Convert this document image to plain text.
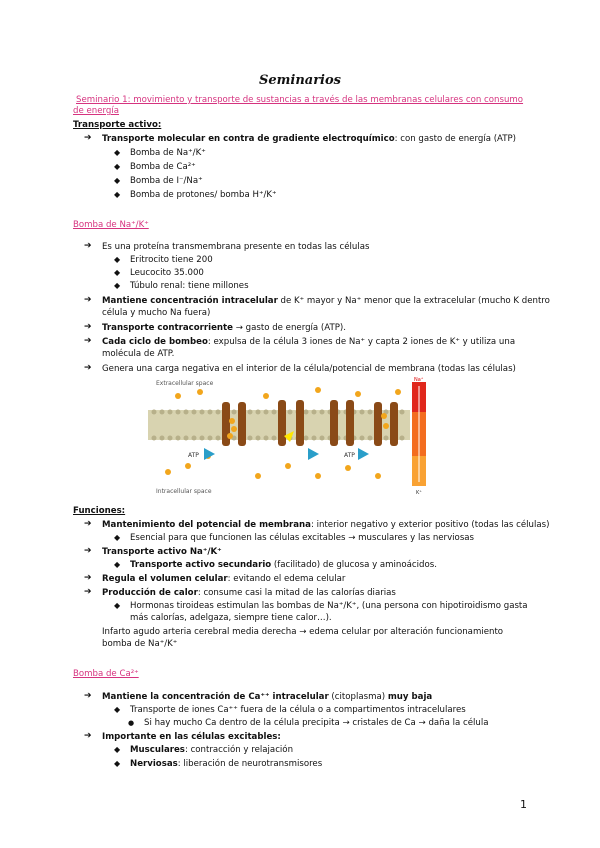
Seminarios
Seminario 1: movimiento y transporte de sustancias a través de las membranas celulares con consumo
de energía
Transporte activo:
➔	Transporte molecular en contra de gradiente electroquímico: con gasto de energía (ATP)
◆ Bomba de Na⁺/K⁺
◆ Bomba de Ca²⁺
◆ Bomba de I⁻/Na⁺
◆ Bomba de protones/ bomba H⁺/K⁺
Bomba de Na⁺/K⁺
➔	Es una proteína transmembrana presente en todas las células
◆ Eritrocito tiene 200
◆ Leucocito 35.000
◆ Túbulo renal: tiene millones
➔	Mantiene concentración intracelular de K⁺ mayor y Na⁺ menor que la extracelular (mucho K dentro
célula y mucho Na fuera)
➔	Transporte contracorriente → gasto de energía (ATP).
➔	Cada ciclo de bombeo: expulsa de la célula 3 iones de Na⁺ y capta 2 iones de K⁺ y utiliza una
molécula de ATP.
➔	Genera una carga negativa en el interior de la célula/potencial de membrana (todas las células)
Extracellular space
Intracellular space
ATP	ATP
Na⁺
K⁺
Funciones:
➔	Mantenimiento del potencial de membrana: interior negativo y exterior positivo (todas las células)
◆ Esencial para que funcionen las células excitables → musculares y las nerviosas
➔	Transporte activo Na⁺/K⁺
◆ Transporte activo secundario (facilitado) de glucosa y aminoácidos.
➔	Regula el volumen celular: evitando el edema celular
➔	Producción de calor: consume casi la mitad de las calorías diarias
◆ Hormonas tiroideas estimulan las bombas de Na⁺/K⁺, (una persona con hipotiroidismo gasta
más calorías, adelgaza, siempre tiene calor…).
Infarto agudo arteria cerebral media derecha → edema celular por alteración funcionamiento
bomba de Na⁺/K⁺
Bomba de Ca²⁺
➔	Mantiene la concentración de Ca⁺⁺ intracelular (citoplasma) muy baja
◆ Transporte de iones Ca⁺⁺ fuera de la célula o a compartimentos intracelulares
● Si hay mucho Ca dentro de la célula precipita → cristales de Ca → daña la célula
➔	Importante en las células excitables:
◆ Musculares: contracción y relajación
◆ Nerviosas: liberación de neurotransmisores
1
